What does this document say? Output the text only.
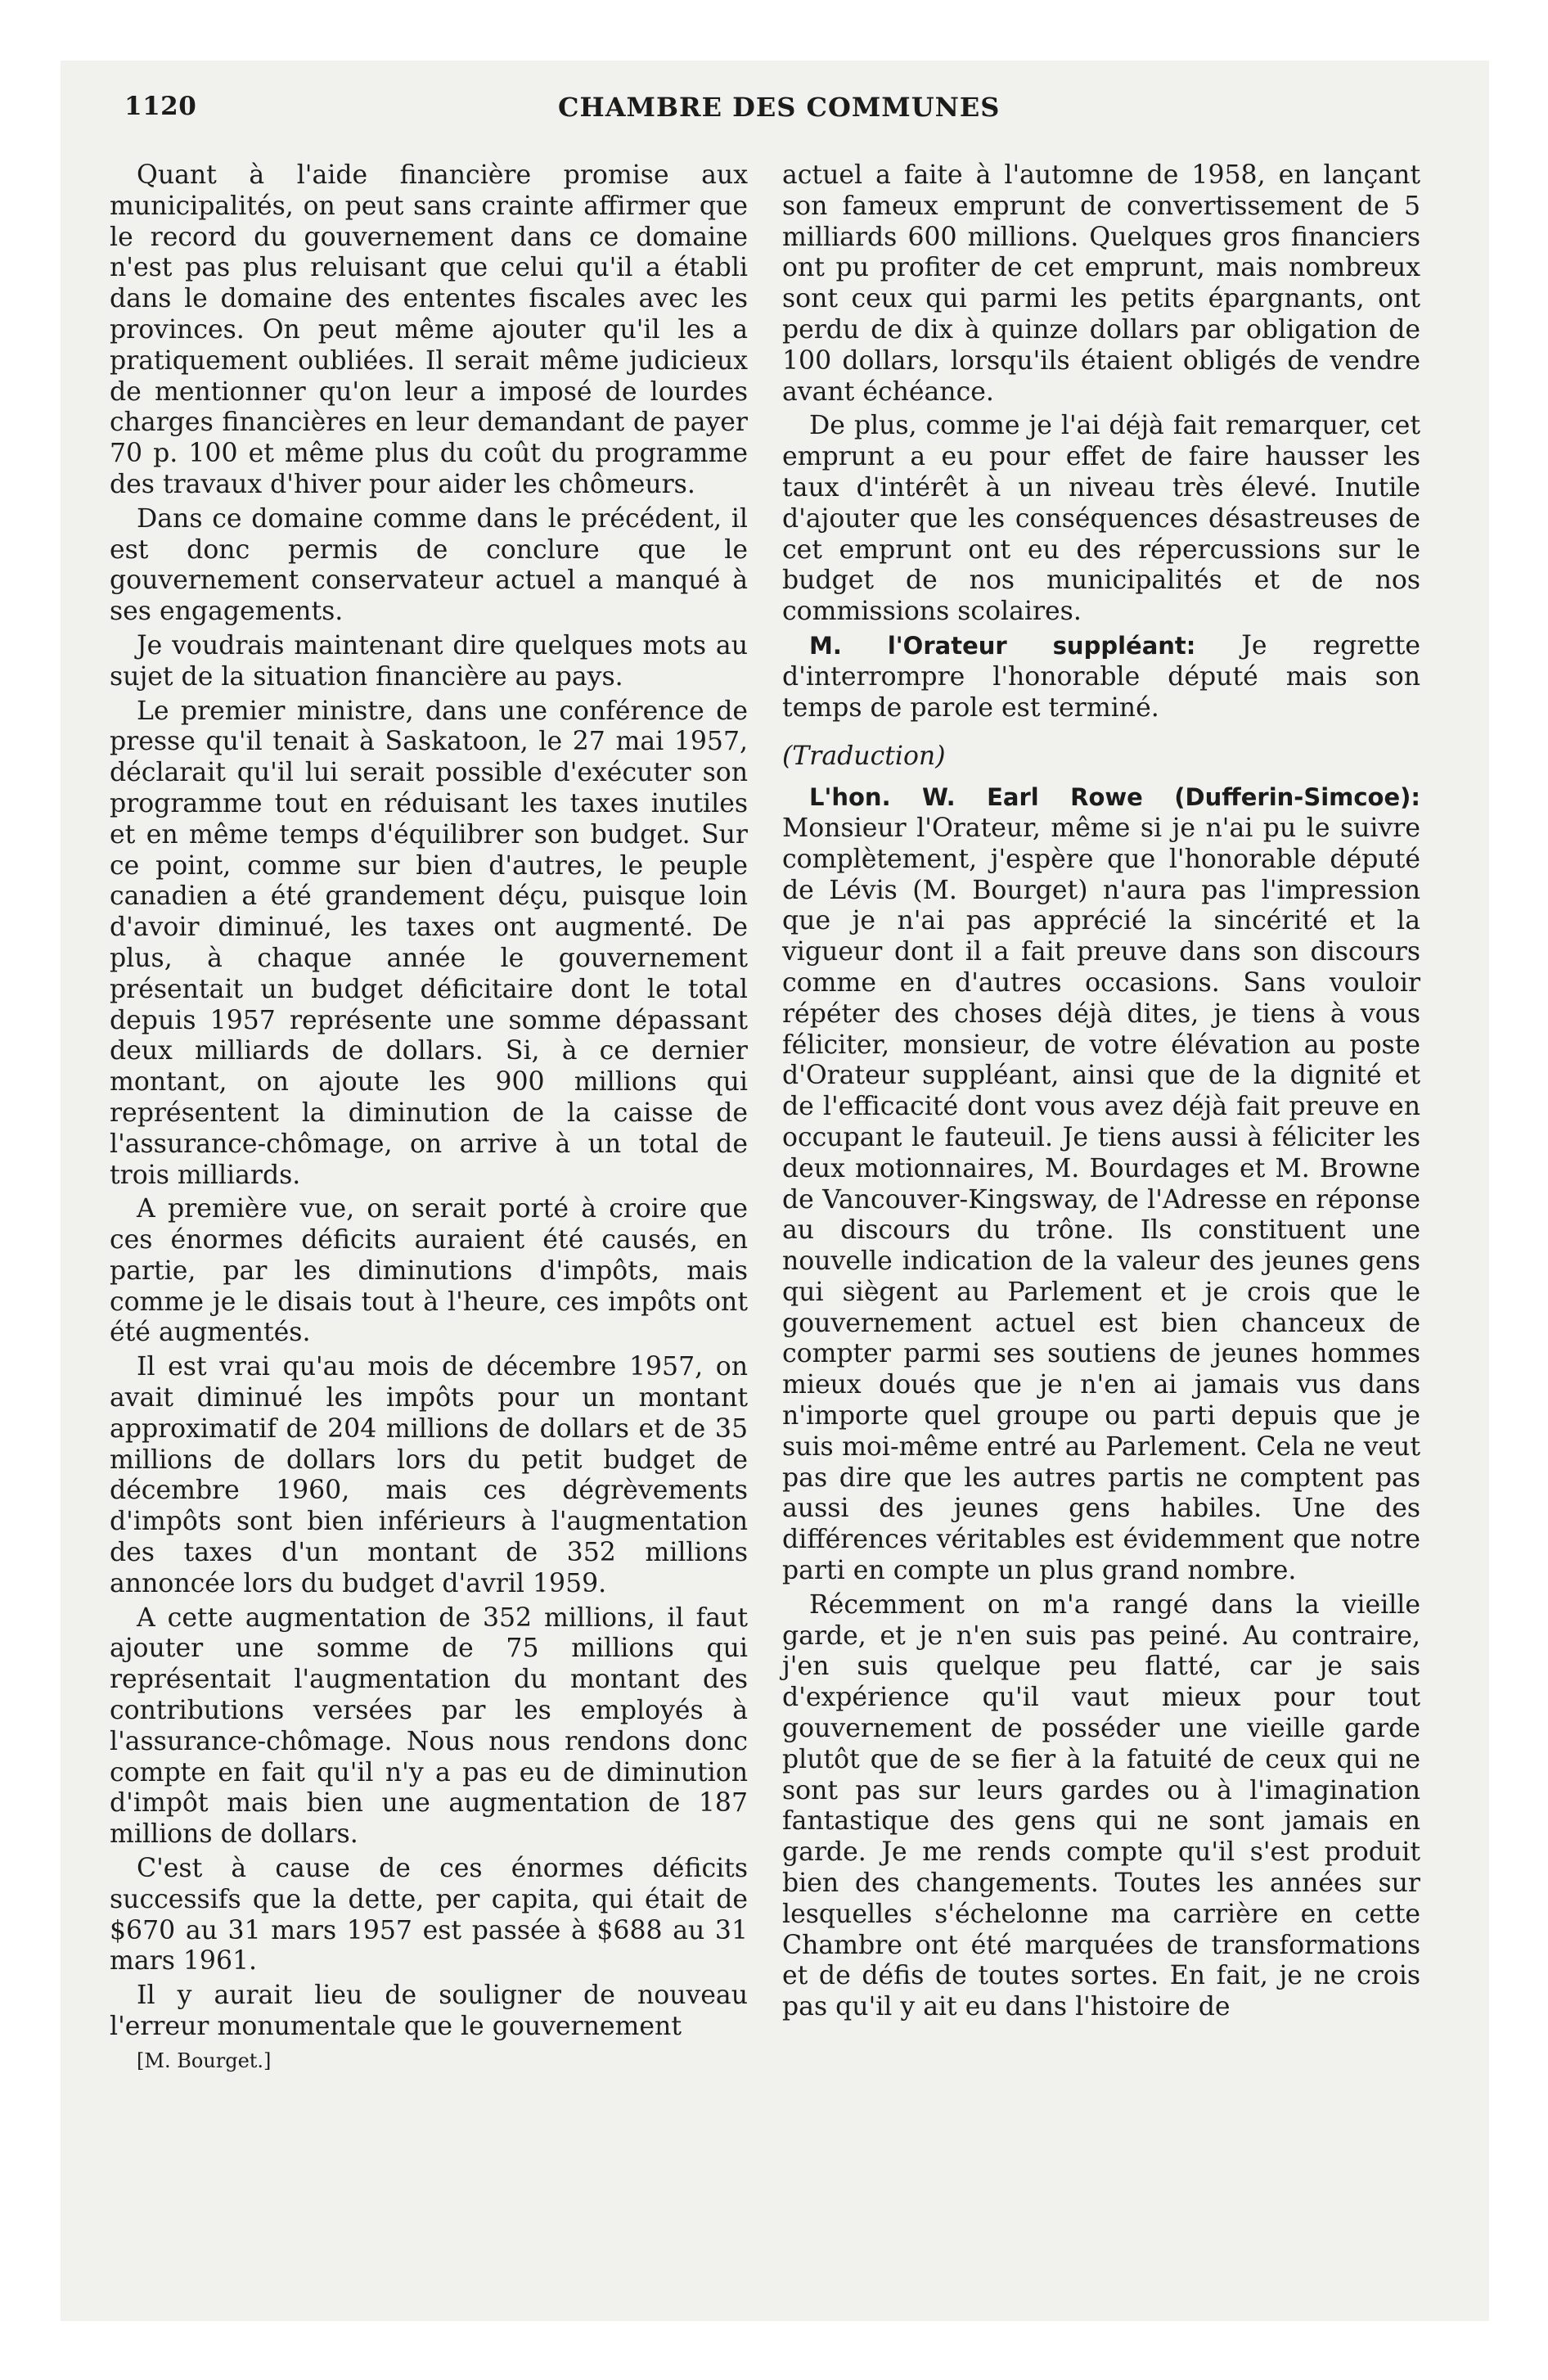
1120	CHAMBRE DES COMMUNES

Quant à l'aide financière promise aux municipalités, on peut sans crainte affirmer que le record du gouvernement dans ce domaine n'est pas plus reluisant que celui qu'il a établi dans le domaine des ententes fiscales avec les provinces. On peut même ajouter qu'il les a pratiquement oubliées. Il serait même judicieux de mentionner qu'on leur a imposé de lourdes charges financières en leur demandant de payer 70 p. 100 et même plus du coût du programme des travaux d'hiver pour aider les chômeurs.

Dans ce domaine comme dans le précédent, il est donc permis de conclure que le gouvernement conservateur actuel a manqué à ses engagements.

Je voudrais maintenant dire quelques mots au sujet de la situation financière au pays.

Le premier ministre, dans une conférence de presse qu'il tenait à Saskatoon, le 27 mai 1957, déclarait qu'il lui serait possible d'exécuter son programme tout en réduisant les taxes inutiles et en même temps d'équilibrer son budget. Sur ce point, comme sur bien d'autres, le peuple canadien a été grandement déçu, puisque loin d'avoir diminué, les taxes ont augmenté. De plus, à chaque année le gouvernement présentait un budget déficitaire dont le total depuis 1957 représente une somme dépassant deux milliards de dollars. Si, à ce dernier montant, on ajoute les 900 millions qui représentent la diminution de la caisse de l'assurance-chômage, on arrive à un total de trois milliards.

A première vue, on serait porté à croire que ces énormes déficits auraient été causés, en partie, par les diminutions d'impôts, mais comme je le disais tout à l'heure, ces impôts ont été augmentés.

Il est vrai qu'au mois de décembre 1957, on avait diminué les impôts pour un montant approximatif de 204 millions de dollars et de 35 millions de dollars lors du petit budget de décembre 1960, mais ces dégrèvements d'impôts sont bien inférieurs à l'augmentation des taxes d'un montant de 352 millions annoncée lors du budget d'avril 1959.

A cette augmentation de 352 millions, il faut ajouter une somme de 75 millions qui représentait l'augmentation du montant des contributions versées par les employés à l'assurance-chômage. Nous nous rendons donc compte en fait qu'il n'y a pas eu de diminution d'impôt mais bien une augmentation de 187 millions de dollars.

C'est à cause de ces énormes déficits successifs que la dette, per capita, qui était de $670 au 31 mars 1957 est passée à $688 au 31 mars 1961.

Il y aurait lieu de souligner de nouveau l'erreur monumentale que le gouvernement

[M. Bourget.]

actuel a faite à l'automne de 1958, en lançant son fameux emprunt de convertissement de 5 milliards 600 millions. Quelques gros financiers ont pu profiter de cet emprunt, mais nombreux sont ceux qui parmi les petits épargnants, ont perdu de dix à quinze dollars par obligation de 100 dollars, lorsqu'ils étaient obligés de vendre avant échéance.

De plus, comme je l'ai déjà fait remarquer, cet emprunt a eu pour effet de faire hausser les taux d'intérêt à un niveau très élevé. Inutile d'ajouter que les conséquences désastreuses de cet emprunt ont eu des répercussions sur le budget de nos municipalités et de nos commissions scolaires.

M. l'Orateur suppléant: Je regrette d'interrompre l'honorable député mais son temps de parole est terminé.

(Traduction)

L'hon. W. Earl Rowe (Dufferin-Simcoe): Monsieur l'Orateur, même si je n'ai pu le suivre complètement, j'espère que l'honorable député de Lévis (M. Bourget) n'aura pas l'impression que je n'ai pas apprécié la sincérité et la vigueur dont il a fait preuve dans son discours comme en d'autres occasions. Sans vouloir répéter des choses déjà dites, je tiens à vous féliciter, monsieur, de votre élévation au poste d'Orateur suppléant, ainsi que de la dignité et de l'efficacité dont vous avez déjà fait preuve en occupant le fauteuil. Je tiens aussi à féliciter les deux motionnaires, M. Bourdages et M. Browne de Vancouver-Kingsway, de l'Adresse en réponse au discours du trône. Ils constituent une nouvelle indication de la valeur des jeunes gens qui siègent au Parlement et je crois que le gouvernement actuel est bien chanceux de compter parmi ses soutiens de jeunes hommes mieux doués que je n'en ai jamais vus dans n'importe quel groupe ou parti depuis que je suis moi-même entré au Parlement. Cela ne veut pas dire que les autres partis ne comptent pas aussi des jeunes gens habiles. Une des différences véritables est évidemment que notre parti en compte un plus grand nombre.

Récemment on m'a rangé dans la vieille garde, et je n'en suis pas peiné. Au contraire, j'en suis quelque peu flatté, car je sais d'expérience qu'il vaut mieux pour tout gouvernement de posséder une vieille garde plutôt que de se fier à la fatuité de ceux qui ne sont pas sur leurs gardes ou à l'imagination fantastique des gens qui ne sont jamais en garde. Je me rends compte qu'il s'est produit bien des changements. Toutes les années sur lesquelles s'échelonne ma carrière en cette Chambre ont été marquées de transformations et de défis de toutes sortes. En fait, je ne crois pas qu'il y ait eu dans l'histoire de
